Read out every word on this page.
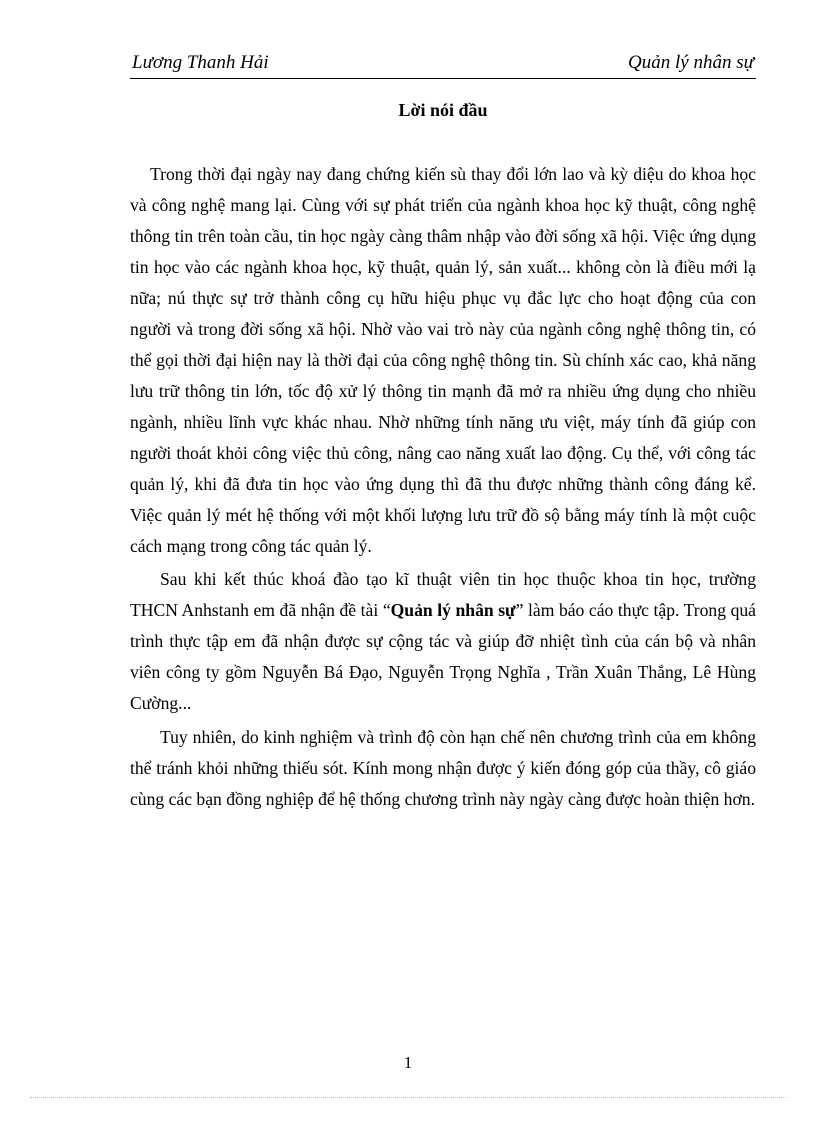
Lương Thanh Hải	Quản lý nhân sự
Lời nói đầu

Trong thời đại ngày nay đang chứng kiến sù thay đổi lớn lao và kỳ diệu do khoa học và công nghệ mang lại. Cùng với sự phát triển của ngành khoa học kỹ thuật, công nghệ thông tin trên toàn cầu, tin học ngày càng thâm nhập vào đời sống xã hội. Việc ứng dụng tin học vào các ngành khoa học, kỹ thuật, quản lý, sản xuất... không còn là điều mới lạ nữa; nú thực sự trở thành công cụ hữu hiệu phục vụ đắc lực cho hoạt động của con người và trong đời sống xã hội. Nhờ vào vai trò này của ngành công nghệ thông tin, có thể gọi thời đại hiện nay là thời đại của công nghệ thông tin. Sù chính xác cao, khả năng lưu trữ thông tin lớn, tốc độ xử lý thông tin mạnh đã mở ra nhiều ứng dụng cho nhiều ngành, nhiều lĩnh vực khác nhau. Nhờ những tính năng ưu việt, máy tính đã giúp con người thoát khỏi công việc thủ công, nâng cao năng xuất lao động. Cụ thể, với công tác quản lý, khi đã đưa tin học vào ứng dụng thì đã thu được những thành công đáng kể. Việc quản lý mét hệ thống với một khối lượng lưu trữ đồ sộ bằng máy tính là một cuộc cách mạng trong công tác quản lý.

Sau khi kết thúc khoá đào tạo kĩ thuật viên tin học thuộc khoa tin học, trường THCN Anhstanh em đã nhận đề tài “Quản lý nhân sự” làm báo cáo thực tập. Trong quá trình thực tập em đã nhận được sự cộng tác và giúp đỡ nhiệt tình của cán bộ và nhân viên công ty gồm Nguyễn Bá Đạo, Nguyễn Trọng Nghĩa , Trần Xuân Thắng, Lê Hùng Cường...

Tuy nhiên, do kinh nghiệm và trình độ còn hạn chế nên chương trình của em không thể tránh khỏi những thiếu sót. Kính mong nhận được ý kiến đóng góp của thầy, cô giáo cùng các bạn đồng nghiệp để hệ thống chương trình này ngày càng được hoàn thiện hơn.

1
